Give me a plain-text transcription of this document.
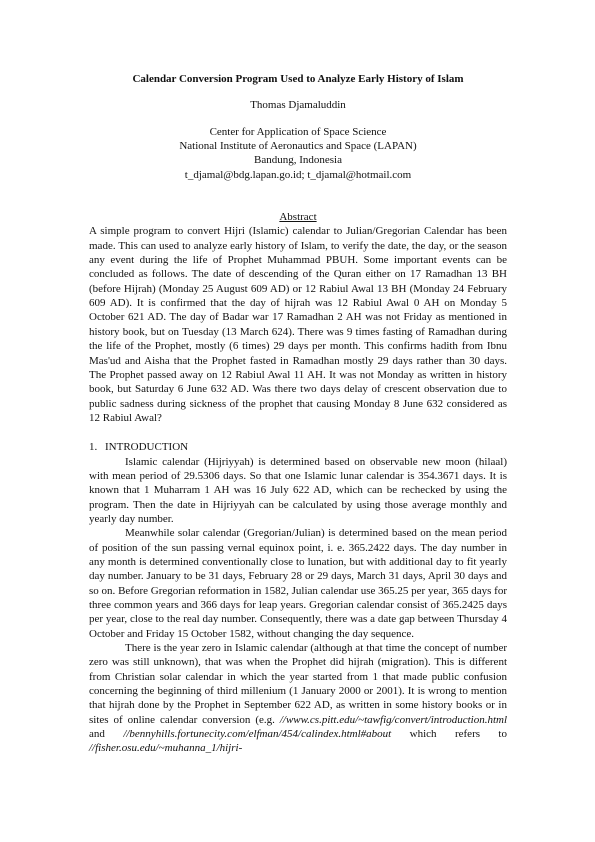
Calendar Conversion Program Used to Analyze Early History of Islam

Thomas Djamaluddin

Center for Application of Space Science
National Institute of Aeronautics and Space (LAPAN)
Bandung, Indonesia
t_djamal@bdg.lapan.go.id; t_djamal@hotmail.com

Abstract

A simple program to convert Hijri (Islamic) calendar to Julian/Gregorian Calendar has been made. This can used to analyze early history of Islam, to verify the date, the day, or the season any event during the life of Prophet Muhammad PBUH. Some important events can be concluded as follows. The date of descending of the Quran either on 17 Ramadhan 13 BH (before Hijrah) (Monday 25 August 609 AD) or 12 Rabiul Awal 13 BH (Monday 24 February 609 AD). It is confirmed that the day of hijrah was 12 Rabiul Awal 0 AH on Monday 5 October 621 AD. The day of Badar war 17 Ramadhan 2 AH was not Friday as mentioned in history book, but on Tuesday (13 March 624). There was 9 times fasting of Ramadhan during the life of the Prophet, mostly (6 times) 29 days per month. This confirms hadith from Ibnu Mas'ud and Aisha that the Prophet fasted in Ramadhan mostly 29 days rather than 30 days. The Prophet passed away on 12 Rabiul Awal 11 AH. It was not Monday as written in history book, but Saturday 6 June 632 AD. Was there two days delay of crescent observation due to public sadness during sickness of the prophet that causing Monday 8 June 632 considered as 12 Rabiul Awal?

1. INTRODUCTION

Islamic calendar (Hijriyyah) is determined based on observable new moon (hilaal) with mean period of 29.5306 days. So that one Islamic lunar calendar is 354.3671 days. It is known that 1 Muharram 1 AH was 16 July 622 AD, which can be rechecked by using the program. Then the date in Hijriyyah can be calculated by using those average monthly and yearly day number.

Meanwhile solar calendar (Gregorian/Julian) is determined based on the mean period of position of the sun passing vernal equinox point, i. e. 365.2422 days. The day number in any month is determined conventionally close to lunation, but with additional day to fit yearly day number. January to be 31 days, February 28 or 29 days, March 31 days, April 30 days and so on. Before Gregorian reformation in 1582, Julian calendar use 365.25 per year, 365 days for three common years and 366 days for leap years. Gregorian calendar consist of 365.2425 days per year, close to the real day number. Consequently, there was a date gap between Thursday 4 October and Friday 15 October 1582, without changing the day sequence.

There is the year zero in Islamic calendar (although at that time the concept of number zero was still unknown), that was when the Prophet did hijrah (migration). This is different from Christian solar calendar in which the year started from 1 that made public confusion concerning the beginning of third millenium (1 January 2000 or 2001). It is wrong to mention that hijrah done by the Prophet in September 622 AD, as written in some history books or in sites of online calendar conversion (e.g. //www.cs.pitt.edu/~tawfig/convert/introduction.html and //bennyhills.fortunecity.com/elfman/454/calindex.html#about which refers to //fisher.osu.edu/~muhanna_1/hijri-
